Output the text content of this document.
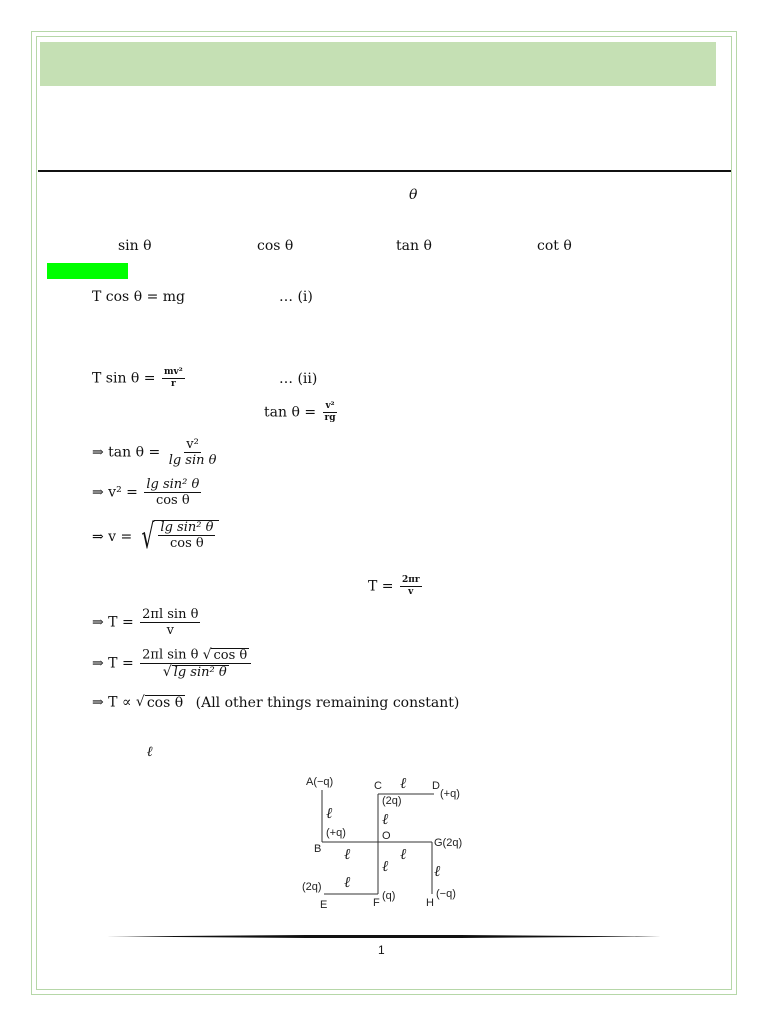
θ
sin θ	cos θ	tan θ	cot θ
T cos θ = mg	… (i)
T $\sin \theta = \frac{\text{mv²}}{r}$	… (ii)
$\tan \theta = \frac{\text{v²}}{rg}$
⇒ $\tan \theta = \frac{\text{v²}}{\text{lg sin θ}}$
⇒ $v^2 = \frac{\text{lg sin² θ}}{\text{cos θ}}$
⇒ v = √ $\frac{\text{lg sin² θ}}{\text{cos θ}}$
$T = \frac{2\pi r}{v}$
⇒ $T = \frac{\text{2πl sin θ}}{v}$
⇒ $T = \frac{\text{2πl sin θ √ cos θ}}{\text{√ lg sin² θ}}$
⇒ T ∝ √ cos θ (All other things remaining constant)
ℓ
A(−q)	C	D
(+q)
(2q)
(+q)	O
B	G(2q)
(2q)
E	F
(q)
H
(−q)
ℓ
ℓ	ℓ
ℓ	ℓ
ℓ	ℓ
ℓ
1
